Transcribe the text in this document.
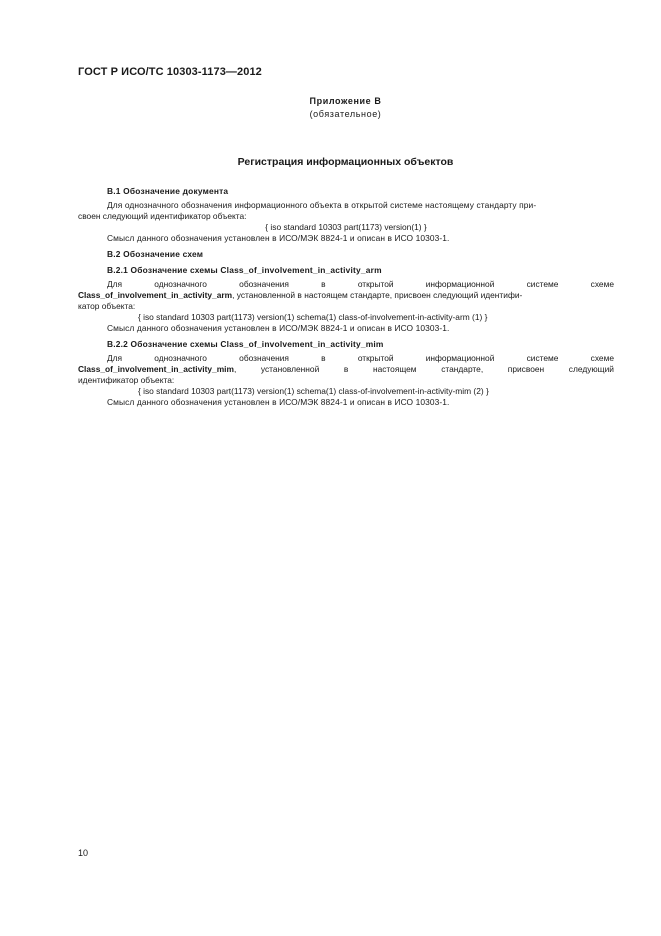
ГОСТ Р ИСО/ТС 10303-1173—2012
Приложение В
(обязательное)
Регистрация информационных объектов
В.1 Обозначение документа
Для однозначного обозначения информационного объекта в открытой системе настоящему стандарту при-
своен следующий идентификатор объекта:
{ iso standard 10303 part(1173) version(1) }
Смысл данного обозначения установлен в ИСО/МЭК 8824-1 и описан в ИСО 10303-1.
В.2 Обозначение схем
В.2.1 Обозначение схемы Class_of_involvement_in_activity_arm
Для	однозначного	обозначения	в	открытой	информационной	системе	схеме
Class_of_involvement_in_activity_arm, установленной в настоящем стандарте, присвоен следующий идентифи-
катор объекта:
{ iso standard 10303 part(1173) version(1) schema(1) class-of-involvement-in-activity-arm (1) }
Смысл данного обозначения установлен в ИСО/МЭК 8824-1 и описан в ИСО 10303-1.
В.2.2 Обозначение схемы Class_of_involvement_in_activity_mim
Для	однозначного	обозначения	в	открытой	информационной	системе	схеме
Class_of_involvement_in_activity_mim,	установленной	в	настоящем	стандарте,	присвоен	следующий
идентификатор объекта:
{ iso standard 10303 part(1173) version(1) schema(1) class-of-involvement-in-activity-mim (2) }
Смысл данного обозначения установлен в ИСО/МЭК 8824-1 и описан в ИСО 10303-1.
10
